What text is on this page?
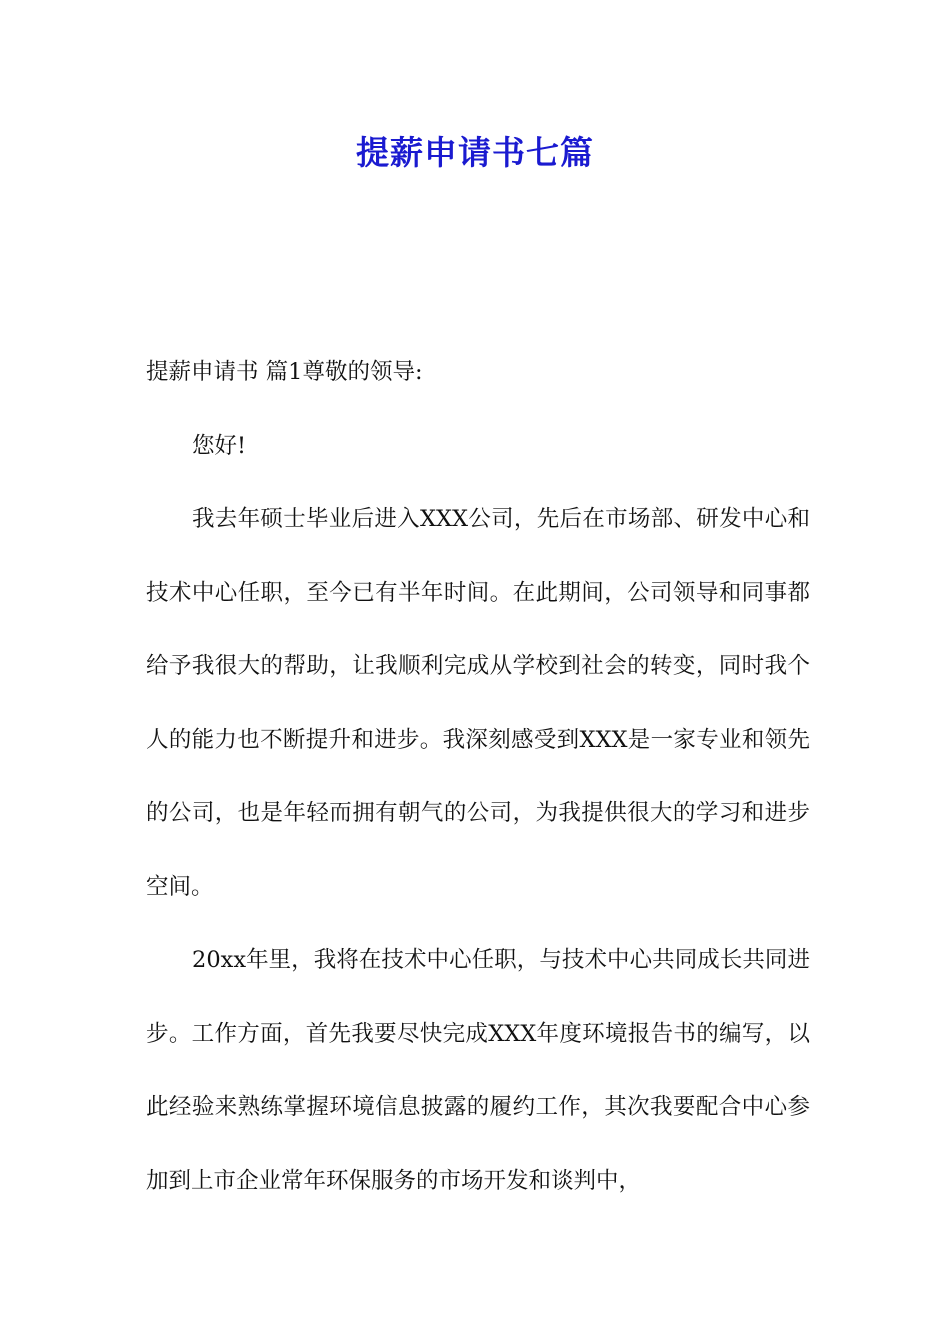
提薪申请书七篇

提薪申请书 篇1尊敬的领导:

您好!

我去年硕士毕业后进入XXX公司，先后在市场部、研发中心和技术中心任职，至今已有半年时间。在此期间，公司领导和同事都给予我很大的帮助，让我顺利完成从学校到社会的转变，同时我个人的能力也不断提升和进步。我深刻感受到XXX是一家专业和领先的公司，也是年轻而拥有朝气的公司，为我提供很大的学习和进步空间。

20xx年里，我将在技术中心任职，与技术中心共同成长共同进步。工作方面，首先我要尽快完成XXX年度环境报告书的编写，以此经验来熟练掌握环境信息披露的履约工作，其次我要配合中心参加到上市企业常年环保服务的市场开发和谈判中，
